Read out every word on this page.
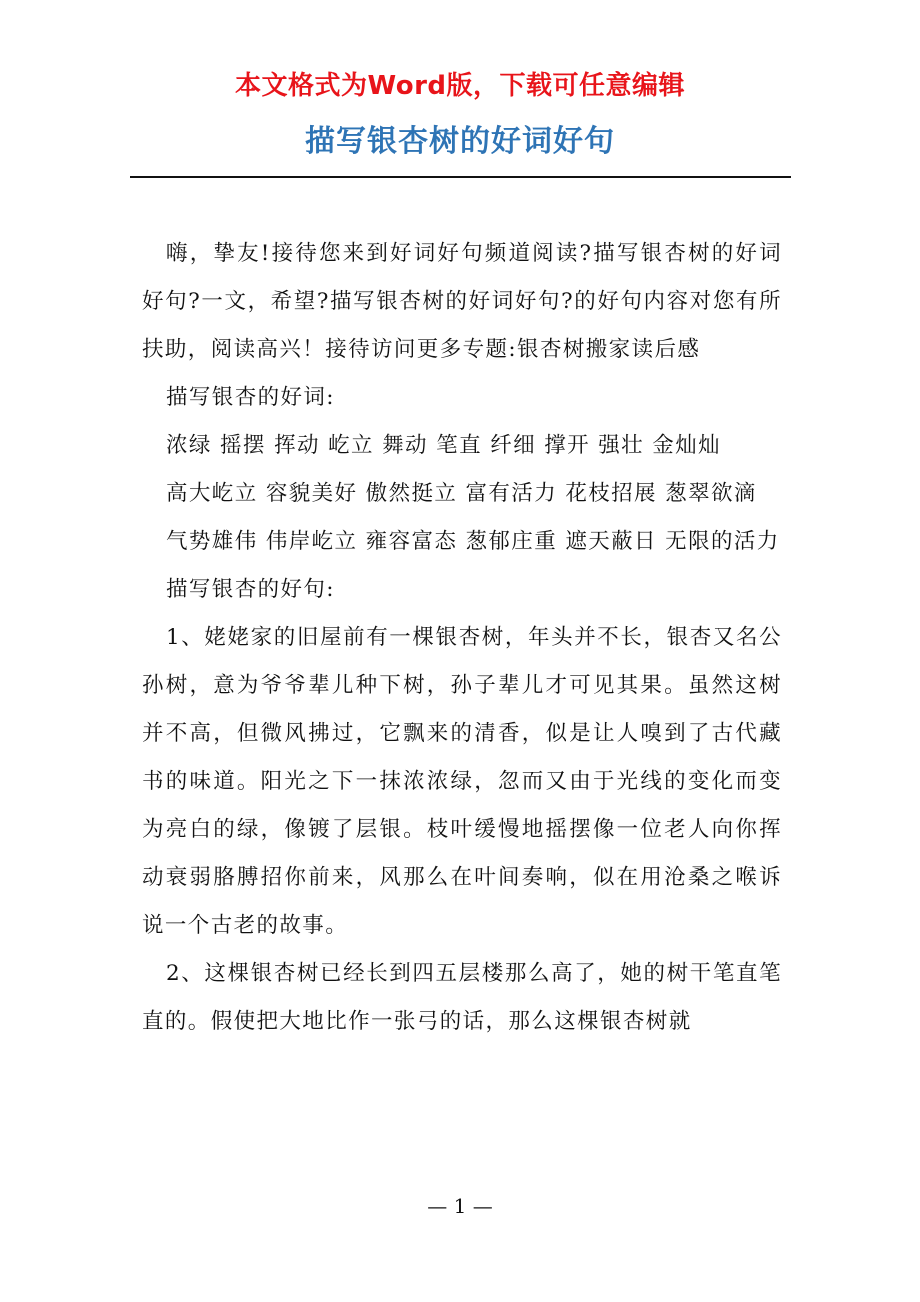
本文格式为Word版，下载可任意编辑
描写银杏树的好词好句

嗨，挚友!接待您来到好词好句频道阅读?描写银杏树的好词好句?一文，希望?描写银杏树的好词好句?的好句内容对您有所扶助，阅读高兴！接待访问更多专题:银杏树搬家读后感

描写银杏的好词:

浓绿 摇摆 挥动 屹立 舞动 笔直 纤细 撑开 强壮 金灿灿

高大屹立 容貌美好 傲然挺立 富有活力 花枝招展 葱翠欲滴

气势雄伟 伟岸屹立 雍容富态 葱郁庄重 遮天蔽日 无限的活力

描写银杏的好句:

1、姥姥家的旧屋前有一棵银杏树，年头并不长，银杏又名公孙树，意为爷爷辈儿种下树，孙子辈儿才可见其果。虽然这树并不高，但微风拂过，它飘来的清香，似是让人嗅到了古代藏书的味道。阳光之下一抹浓浓绿，忽而又由于光线的变化而变为亮白的绿，像镀了层银。枝叶缓慢地摇摆像一位老人向你挥动衰弱胳膊招你前来，风那么在叶间奏响，似在用沧桑之喉诉说一个古老的故事。

2、这棵银杏树已经长到四五层楼那么高了，她的树干笔直笔直的。假使把大地比作一张弓的话，那么这棵银杏树就

— 1 —
